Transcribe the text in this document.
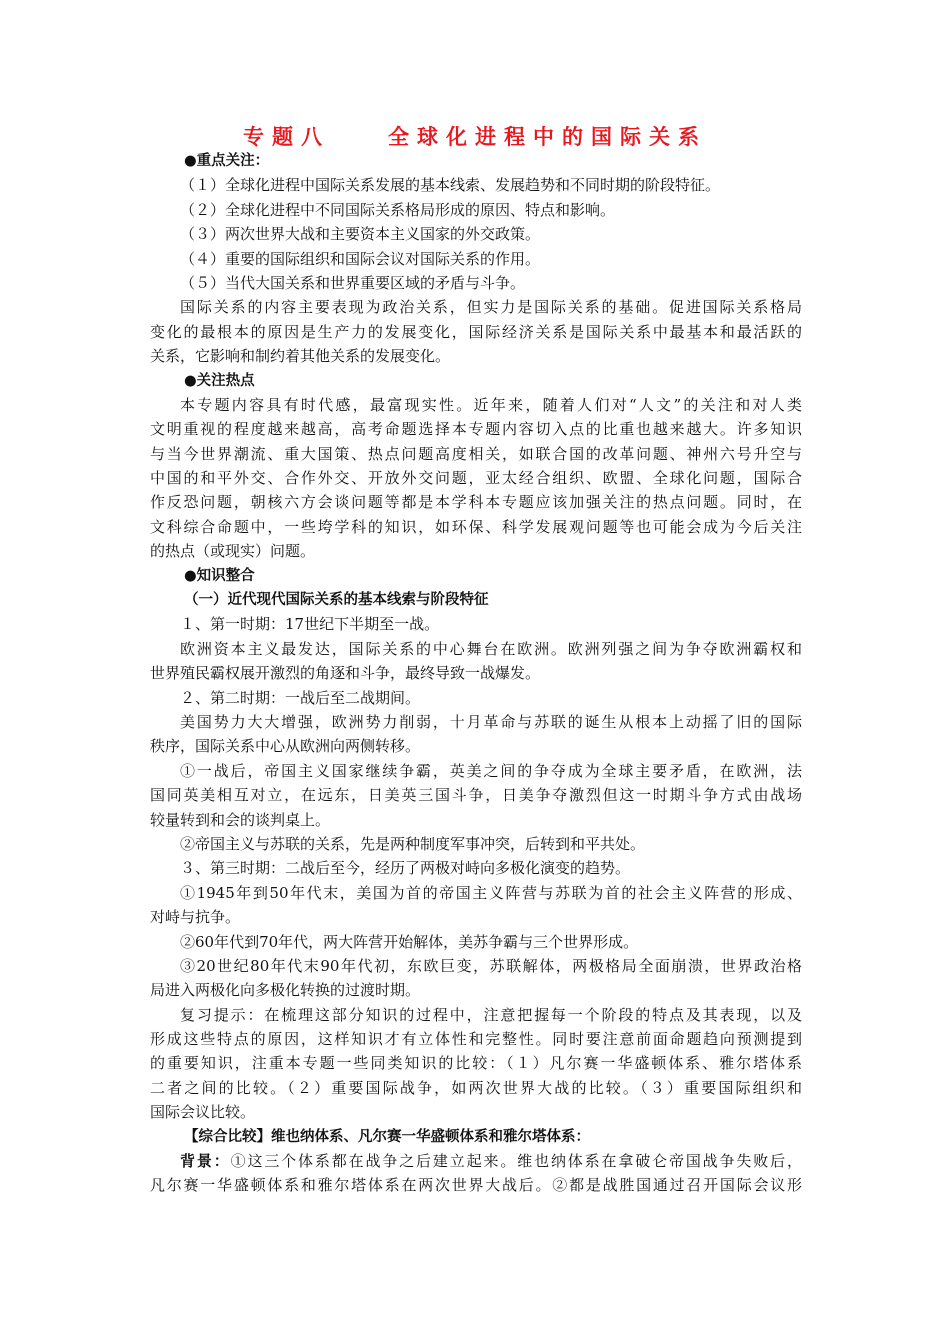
专题八　　全球化进程中的国际关系
●重点关注：
（１）全球化进程中国际关系发展的基本线索、发展趋势和不同时期的阶段特征。
（２）全球化进程中不同国际关系格局形成的原因、特点和影响。
（３）两次世界大战和主要资本主义国家的外交政策。
（４）重要的国际组织和国际会议对国际关系的作用。
（５）当代大国关系和世界重要区域的矛盾与斗争。
国际关系的内容主要表现为政治关系，但实力是国际关系的基础。促进国际关系格局
变化的最根本的原因是生产力的发展变化，国际经济关系是国际关系中最基本和最活跃的
关系，它影响和制约着其他关系的发展变化。
●关注热点
本专题内容具有时代感，最富现实性。近年来，随着人们对“人文”的关注和对人类
文明重视的程度越来越高，高考命题选择本专题内容切入点的比重也越来越大。许多知识
与当今世界潮流、重大国策、热点问题高度相关，如联合国的改革问题、神州六号升空与
中国的和平外交、合作外交、开放外交问题，亚太经合组织、欧盟、全球化问题，国际合
作反恐问题，朝核六方会谈问题等都是本学科本专题应该加强关注的热点问题。同时，在
文科综合命题中，一些垮学科的知识，如环保、科学发展观问题等也可能会成为今后关注
的热点（或现实）问题。
●知识整合
（一）近代现代国际关系的基本线索与阶段特征
１、第一时期：17世纪下半期至一战。
欧洲资本主义最发达，国际关系的中心舞台在欧洲。欧洲列强之间为争夺欧洲霸权和
世界殖民霸权展开激烈的角逐和斗争，最终导致一战爆发。
２、第二时期：一战后至二战期间。
美国势力大大增强，欧洲势力削弱，十月革命与苏联的诞生从根本上动摇了旧的国际
秩序，国际关系中心从欧洲向两侧转移。
①一战后，帝国主义国家继续争霸，英美之间的争夺成为全球主要矛盾，在欧洲，法
国同英美相互对立，在远东，日美英三国斗争，日美争夺激烈但这一时期斗争方式由战场
较量转到和会的谈判桌上。
②帝国主义与苏联的关系，先是两种制度军事冲突，后转到和平共处。
３、第三时期：二战后至今，经历了两极对峙向多极化演变的趋势。
①1945年到50年代末，美国为首的帝国主义阵营与苏联为首的社会主义阵营的形成、
对峙与抗争。
②60年代到70年代，两大阵营开始解体，美苏争霸与三个世界形成。
③20世纪80年代末90年代初，东欧巨变，苏联解体，两极格局全面崩溃，世界政治格
局进入两极化向多极化转换的过渡时期。
复习提示：在梳理这部分知识的过程中，注意把握每一个阶段的特点及其表现，以及
形成这些特点的原因，这样知识才有立体性和完整性。同时要注意前面命题趋向预测提到
的重要知识，注重本专题一些同类知识的比较：（１）凡尔赛一华盛顿体系、雅尔塔体系
二者之间的比较。（２）重要国际战争，如两次世界大战的比较。（３）重要国际组织和
国际会议比较。
【综合比较】维也纳体系、凡尔赛一华盛顿体系和雅尔塔体系：
背景：①这三个体系都在战争之后建立起来。维也纳体系在拿破仑帝国战争失败后，
凡尔赛一华盛顿体系和雅尔塔体系在两次世界大战后。②都是战胜国通过召开国际会议形
